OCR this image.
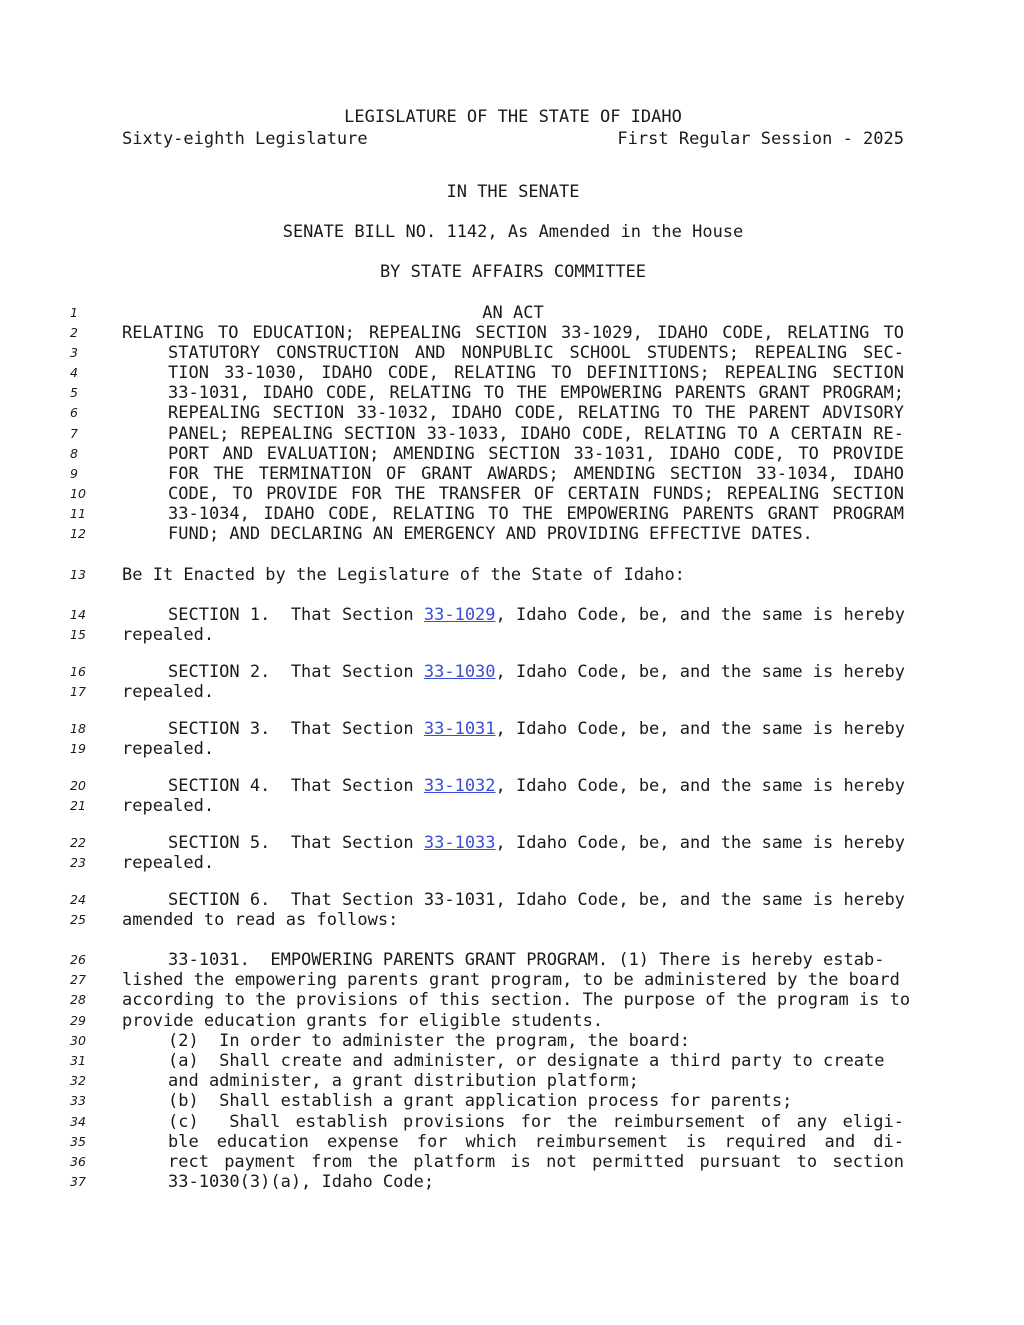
LEGISLATURE OF THE STATE OF IDAHO
Sixty-eighth Legislature	First Regular Session - 2025
IN THE SENATE
SENATE BILL NO. 1142, As Amended in the House
BY STATE AFFAIRS COMMITTEE
1
2
3
4
5
6
7
8
9
10
11
12
13
14
15
16
17
18
19
20
21
22
23
24
25
26
27
28
29
30
31
32
33
34
35
36
37
AN ACT
RELATING TO EDUCATION; REPEALING SECTION 33-1029, IDAHO CODE, RELATING TO
STATUTORY CONSTRUCTION AND NONPUBLIC SCHOOL STUDENTS; REPEALING SEC-
TION 33-1030, IDAHO CODE, RELATING TO DEFINITIONS; REPEALING SECTION
33-1031, IDAHO CODE, RELATING TO THE EMPOWERING PARENTS GRANT PROGRAM;
REPEALING SECTION 33-1032, IDAHO CODE, RELATING TO THE PARENT ADVISORY
PANEL; REPEALING SECTION 33-1033, IDAHO CODE, RELATING TO A CERTAIN RE-
PORT AND EVALUATION; AMENDING SECTION 33-1031, IDAHO CODE, TO PROVIDE
FOR THE TERMINATION OF GRANT AWARDS; AMENDING SECTION 33-1034, IDAHO
CODE, TO PROVIDE FOR THE TRANSFER OF CERTAIN FUNDS; REPEALING SECTION
33-1034, IDAHO CODE, RELATING TO THE EMPOWERING PARENTS GRANT PROGRAM
FUND; AND DECLARING AN EMERGENCY AND PROVIDING EFFECTIVE DATES.
Be It Enacted by the Legislature of the State of Idaho:
SECTION 1.  That Section 33-1029, Idaho Code, be, and the same is hereby
repealed.
SECTION 2.  That Section 33-1030, Idaho Code, be, and the same is hereby
repealed.
SECTION 3.  That Section 33-1031, Idaho Code, be, and the same is hereby
repealed.
SECTION 4.  That Section 33-1032, Idaho Code, be, and the same is hereby
repealed.
SECTION 5.  That Section 33-1033, Idaho Code, be, and the same is hereby
repealed.
SECTION 6.  That Section 33-1031, Idaho Code, be, and the same is hereby
amended to read as follows:
33-1031.  EMPOWERING PARENTS GRANT PROGRAM. (1) There is hereby estab-
lished the empowering parents grant program, to be administered by the board
according to the provisions of this section. The purpose of the program is to
provide education grants for eligible students.
(2)  In order to administer the program, the board:
(a)  Shall create and administer, or designate a third party to create
and administer, a grant distribution platform;
(b)  Shall establish a grant application process for parents;
(c)  Shall establish provisions for the reimbursement of any eligi-
ble education expense for which reimbursement is required and di-
rect payment from the platform is not permitted pursuant to section
33-1030(3)(a), Idaho Code;
